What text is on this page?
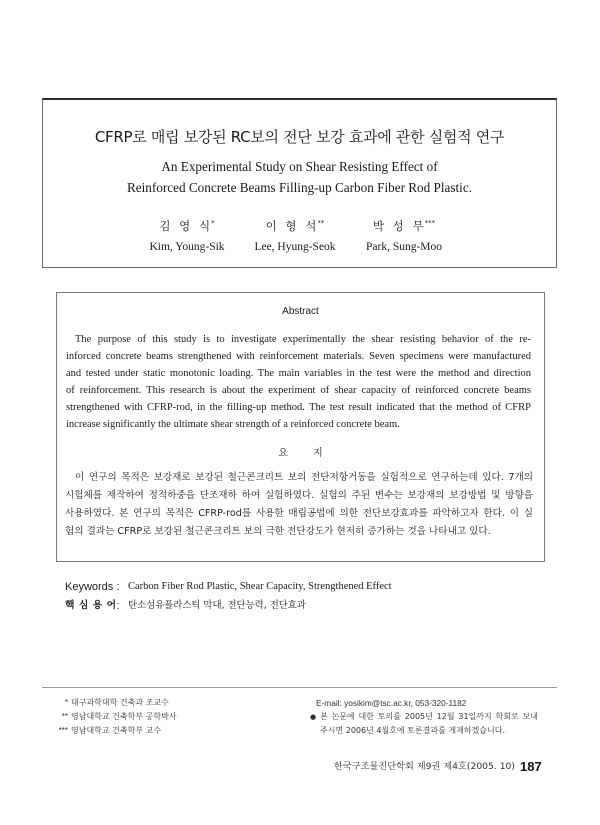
CFRP로 매립 보강된 RC보의 전단 보강 효과에 관한 실험적 연구
An Experimental Study on Shear Resisting Effect of
Reinforced Concrete Beams Filling-up Carbon Fiber Rod Plastic.
김 영 식*
Kim, Young-Sik
이 형 석**
Lee, Hyung-Seok
박 성 무***
Park, Sung-Moo
Abstract
The purpose of this study is to investigate experimentally the shear resisting behavior of the re-
inforced concrete beams strengthened with reinforcement materials. Seven specimens were manufactured
and tested under static monotonic loading. The main variables in the test were the method and direction
of reinforcement. This research is about the experiment of shear capacity of reinforced concrete beams
strengthened with CFRP-rod, in the filling-up method. The test result indicated that the method of CFRP
increase significantly the ultimate shear strength of a reinforced concrete beam.
요 지
이 연구의 목적은 보강재로 보강된 철근콘크리트 보의 전단저항거동을 실험적으로 연구하는데 있다. 7개의
시험체를 제작하여 정적하중을 단조재하 하여 실험하였다. 실험의 주된 변수는 보강재의 보강방법 및 방향을
사용하였다. 본 연구의 목적은 CFRP-rod를 사용한 매립공법에 의한 전단보강효과를 파악하고자 한다. 이 실
험의 결과는 CFRP로 보강된 철근콘크리트 보의 극한 전단강도가 현저히 증가하는 것을 나타내고 있다.
Keywords : Carbon Fiber Rod Plastic, Shear Capacity, Strengthened Effect
핵 심 용 어 : 탄소섬유플라스틱 막대, 전단능력, 전단효과
* 대구과학대학 건축과 조교수
** 영남대학교 건축학부 공학박사
*** 영남대학교 건축학부 교수
E-mail: yosikim@tsc.ac.kr, 053-320-1182
● 본 논문에 대한 토의를 2005년 12월 31일까지 학회로 보내
주시면 2006년 4월호에 토론결과를 게재하겠습니다.
한국구조물진단학회 제9권 제4호(2005. 10) 187
